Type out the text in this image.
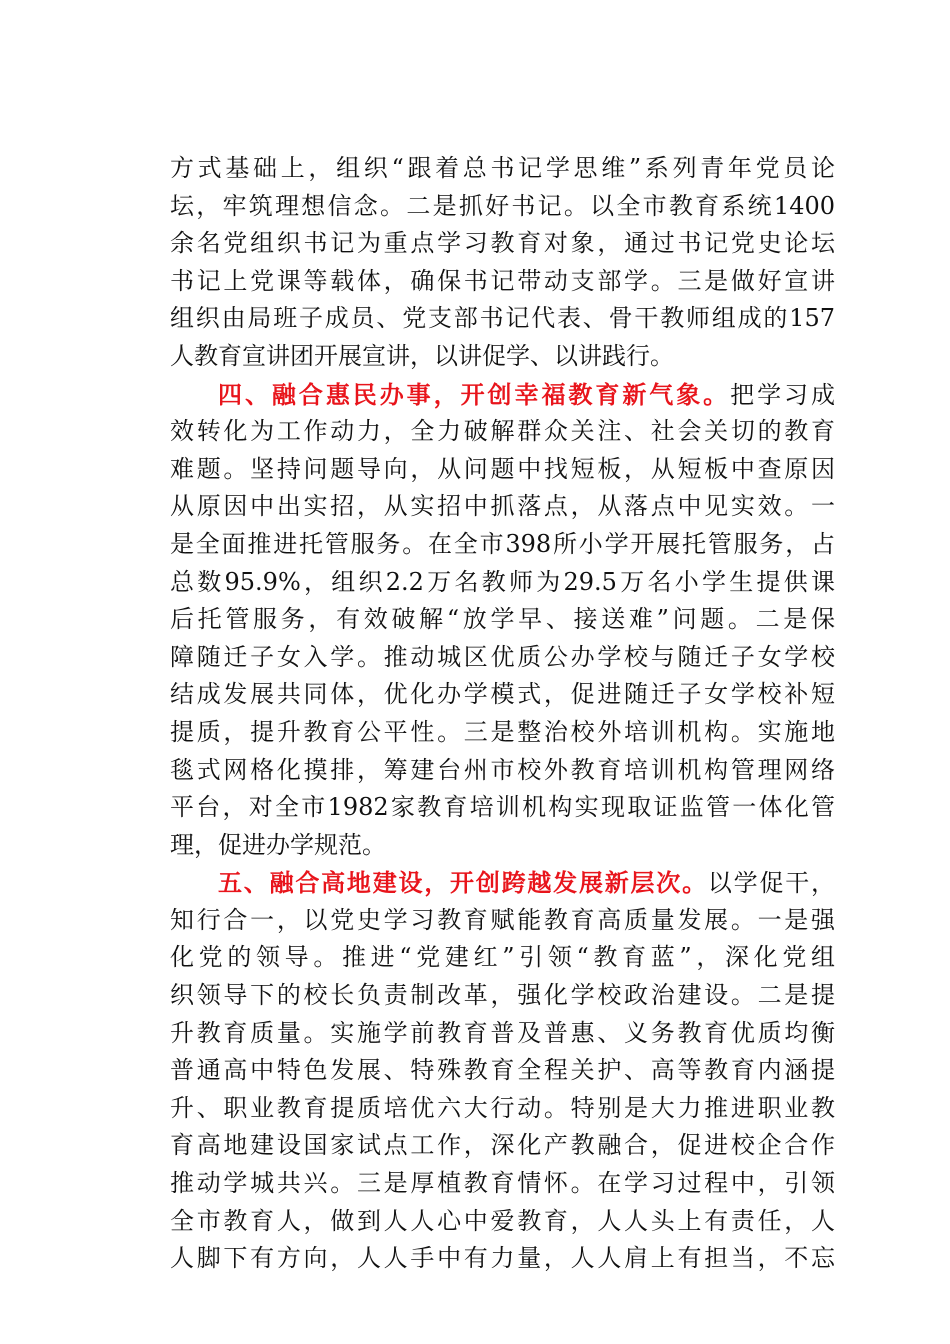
方式基础上，组织“跟着总书记学思维”系列青年党员论
坛，牢筑理想信念。二是抓好书记。以全市教育系统1400
余名党组织书记为重点学习教育对象，通过书记党史论坛
书记上党课等载体，确保书记带动支部学。三是做好宣讲
组织由局班子成员、党支部书记代表、骨干教师组成的157
人教育宣讲团开展宣讲，以讲促学、以讲践行。
四、融合惠民办事，开创幸福教育新气象。把学习成
效转化为工作动力，全力破解群众关注、社会关切的教育
难题。坚持问题导向，从问题中找短板，从短板中查原因
从原因中出实招，从实招中抓落点，从落点中见实效。一
是全面推进托管服务。在全市398所小学开展托管服务，占
总数95.9%，组织2.2万名教师为29.5万名小学生提供课
后托管服务，有效破解“放学早、接送难”问题。二是保
障随迁子女入学。推动城区优质公办学校与随迁子女学校
结成发展共同体，优化办学模式，促进随迁子女学校补短
提质，提升教育公平性。三是整治校外培训机构。实施地
毯式网格化摸排，筹建台州市校外教育培训机构管理网络
平台，对全市1982家教育培训机构实现取证监管一体化管
理，促进办学规范。
五、融合高地建设，开创跨越发展新层次。以学促干，
知行合一，以党史学习教育赋能教育高质量发展。一是强
化党的领导。推进“党建红”引领“教育蓝”，深化党组
织领导下的校长负责制改革，强化学校政治建设。二是提
升教育质量。实施学前教育普及普惠、义务教育优质均衡
普通高中特色发展、特殊教育全程关护、高等教育内涵提
升、职业教育提质培优六大行动。特别是大力推进职业教
育高地建设国家试点工作，深化产教融合，促进校企合作
推动学城共兴。三是厚植教育情怀。在学习过程中，引领
全市教育人，做到人人心中爱教育，人人头上有责任，人
人脚下有方向，人人手中有力量，人人肩上有担当，不忘
